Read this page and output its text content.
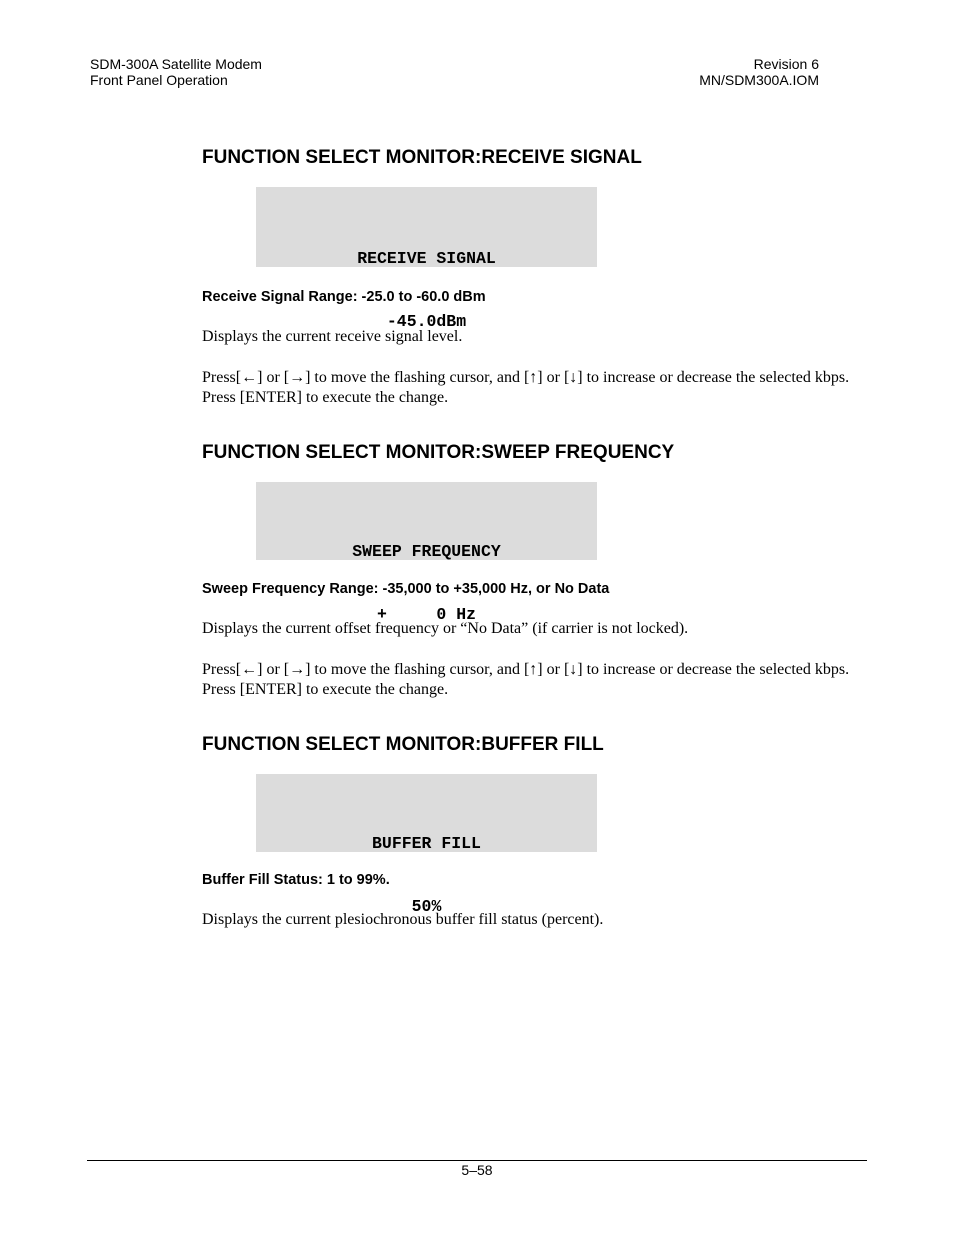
SDM-300A Satellite Modem
Front Panel Operation
Revision 6
MN/SDM300A.IOM
FUNCTION SELECT MONITOR:RECEIVE SIGNAL

RECEIVE SIGNAL

-45.0dBm

Receive Signal Range: -25.0 to -60.0 dBm
Displays the current receive signal level.
Press[←] or [→] to move the flashing cursor, and [↑] or [↓] to increase or decrease the selected kbps. Press [ENTER] to execute the change.
FUNCTION SELECT MONITOR:SWEEP FREQUENCY

SWEEP FREQUENCY

+     0 Hz

Sweep Frequency Range: -35,000 to +35,000 Hz, or No Data
Displays the current offset frequency or “No Data” (if carrier is not locked).
Press[←] or [→] to move the flashing cursor, and [↑] or [↓] to increase or decrease the selected kbps. Press [ENTER] to execute the change.
FUNCTION SELECT MONITOR:BUFFER FILL

BUFFER FILL

50%

Buffer Fill Status: 1 to 99%.
Displays the current plesiochronous buffer fill status (percent).
5–58
